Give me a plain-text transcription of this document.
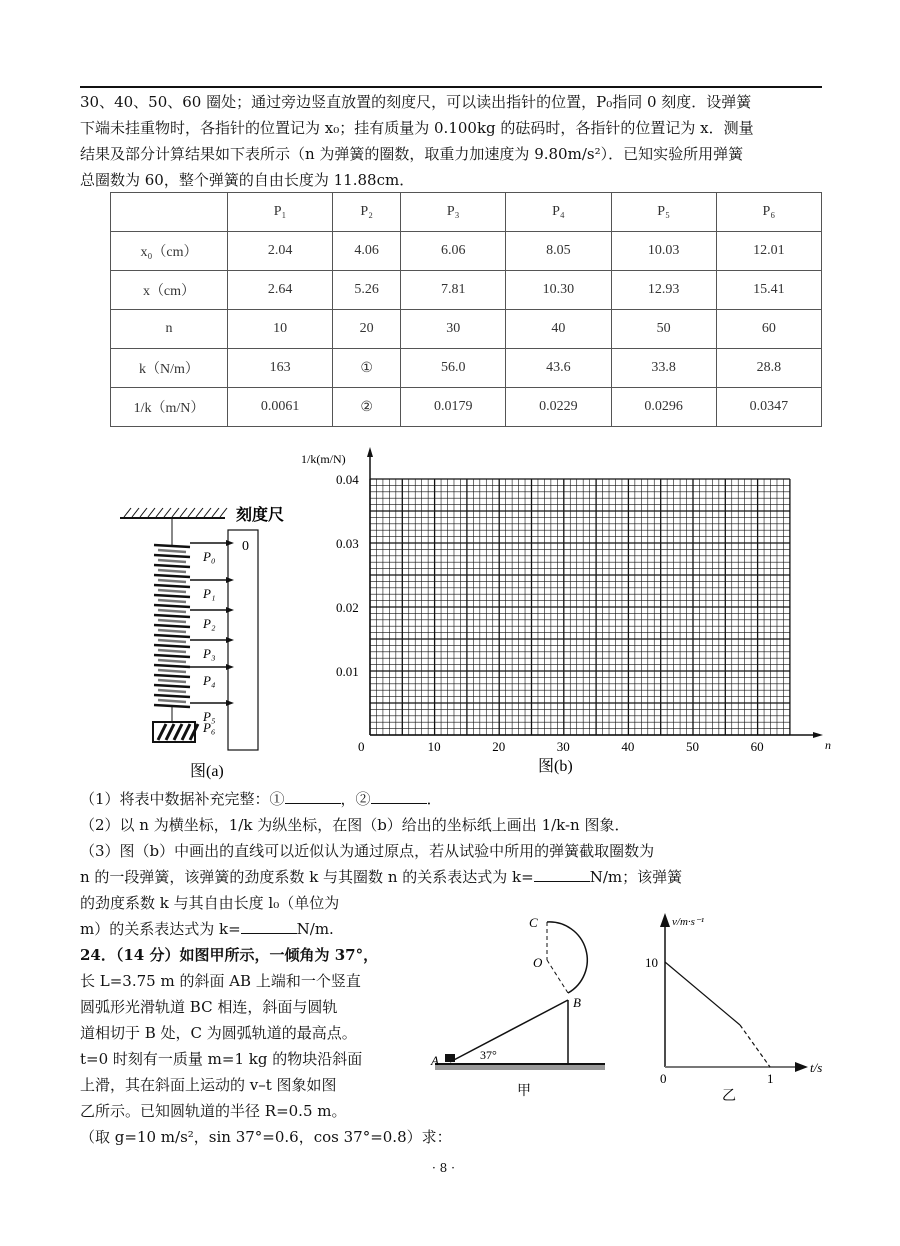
30、40、50、60 圈处；通过旁边竖直放置的刻度尺，可以读出指针的位置，P₀指同 0 刻度．设弹簧
下端未挂重物时，各指针的位置记为 x₀；挂有质量为 0.100kg 的砝码时，各指针的位置记为 x．测量
结果及部分计算结果如下表所示（n 为弹簧的圈数，取重力加速度为 9.80m/s²）．已知实验所用弹簧
总圈数为 60，整个弹簧的自由长度为 11.88cm．
	P₁	P₂	P₃	P₄	P₅	P₆
x₀（cm）	2.04	4.06	6.06	8.05	10.03	12.01
x（cm）	2.64	5.26	7.81	10.30	12.93	15.41
n	10	20	30	40	50	60
k（N/m）	163	①	56.0	43.6	33.8	28.8
1/k（m/N）	0.0061	②	0.0179	0.0229	0.0296	0.0347
刻度尺
0
P₀
P₁
P₂
P₃
P₄
P₅
P₆
图(a)
1/k(m/N)
n
0	10	20	30	40	50	60
0.01
0.02
0.03
0.04
图(b)
（1）将表中数据补充完整：①	，②	．
（2）以 n 为横坐标，1/k 为纵坐标，在图（b）给出的坐标纸上画出 1/k-n 图象．
（3）图（b）中画出的直线可以近似认为通过原点，若从试验中所用的弹簧截取圈数为
n 的一段弹簧，该弹簧的劲度系数 k 与其圈数 n 的关系表达式为 k=	N/m；该弹簧
的劲度系数 k 与其自由长度 l₀（单位为
m）的关系表达式为 k=	N/m.
24．（14 分）如图甲所示，一倾角为 37°，
长 L=3.75 m 的斜面 AB 上端和一个竖直
圆弧形光滑轨道 BC 相连，斜面与圆轨
道相切于 B 处，C 为圆弧轨道的最高点。
t=0 时刻有一质量 m=1 kg 的物块沿斜面
上滑，其在斜面上运动的 v–t 图象如图
乙所示。已知圆轨道的半径 R=0.5 m。
（取 g=10 m/s²，sin 37°=0.6，cos 37°=0.8）求：
C
O
B
A	37°
甲
v/m·s⁻¹
t/s
10
0	1
乙
· 8 ·
